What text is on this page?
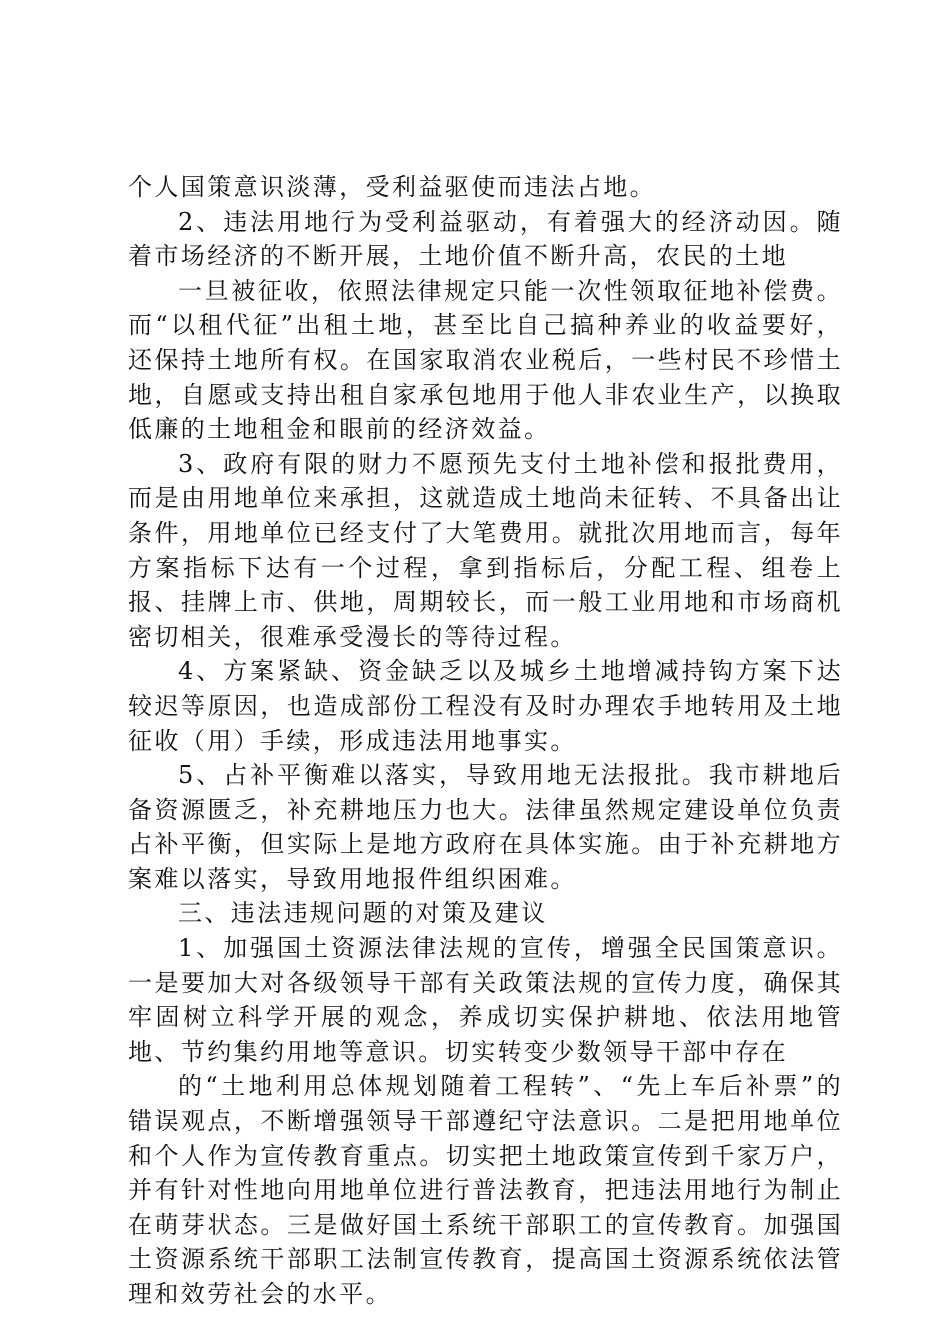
个人国策意识淡薄，受利益驱使而违法占地。

2、违法用地行为受利益驱动，有着强大的经济动因。随着市场经济的不断开展，土地价值不断升高，农民的土地

一旦被征收，依照法律规定只能一次性领取征地补偿费。而“以租代征”出租土地，甚至比自己搞种养业的收益要好，还保持土地所有权。在国家取消农业税后，一些村民不珍惜土地，自愿或支持出租自家承包地用于他人非农业生产，以换取低廉的土地租金和眼前的经济效益。

3、政府有限的财力不愿预先支付土地补偿和报批费用，而是由用地单位来承担，这就造成土地尚未征转、不具备出让条件，用地单位已经支付了大笔费用。就批次用地而言，每年方案指标下达有一个过程，拿到指标后，分配工程、组卷上报、挂牌上市、供地，周期较长，而一般工业用地和市场商机密切相关，很难承受漫长的等待过程。

4、方案紧缺、资金缺乏以及城乡土地增减持钩方案下达较迟等原因，也造成部份工程没有及时办理农手地转用及土地征收（用）手续，形成违法用地事实。

5、占补平衡难以落实，导致用地无法报批。我市耕地后备资源匮乏，补充耕地压力也大。法律虽然规定建设单位负责占补平衡，但实际上是地方政府在具体实施。由于补充耕地方案难以落实，导致用地报件组织困难。

三、违法违规问题的对策及建议

1、加强国土资源法律法规的宣传，增强全民国策意识。一是要加大对各级领导干部有关政策法规的宣传力度，确保其牢固树立科学开展的观念，养成切实保护耕地、依法用地管地、节约集约用地等意识。切实转变少数领导干部中存在

的“土地利用总体规划随着工程转”、“先上车后补票”的错误观点，不断增强领导干部遵纪守法意识。二是把用地单位和个人作为宣传教育重点。切实把土地政策宣传到千家万户，并有针对性地向用地单位进行普法教育，把违法用地行为制止在萌芽状态。三是做好国土系统干部职工的宣传教育。加强国土资源系统干部职工法制宣传教育，提高国土资源系统依法管理和效劳社会的水平。
